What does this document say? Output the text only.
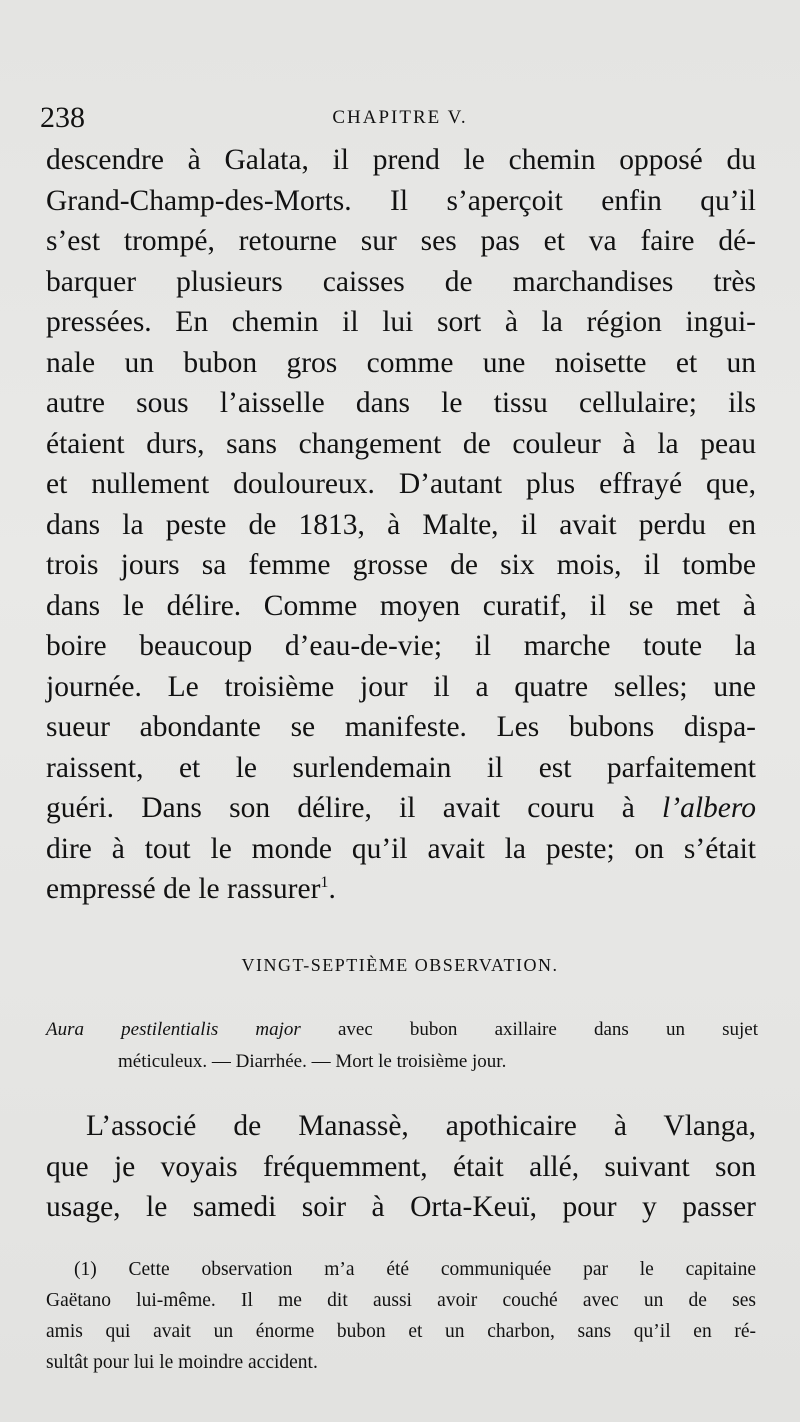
238	CHAPITRE V.
descendre à Galata, il prend le chemin opposé du
Grand-Champ-des-Morts. Il s’aperçoit enfin qu’il
s’est trompé, retourne sur ses pas et va faire dé-
barquer plusieurs caisses de marchandises très
pressées. En chemin il lui sort à la région ingui-
nale un bubon gros comme une noisette et un
autre sous l’aisselle dans le tissu cellulaire; ils
étaient durs, sans changement de couleur à la peau
et nullement douloureux. D’autant plus effrayé que,
dans la peste de 1813, à Malte, il avait perdu en
trois jours sa femme grosse de six mois, il tombe
dans le délire. Comme moyen curatif, il se met à
boire beaucoup d’eau-de-vie; il marche toute la
journée. Le troisième jour il a quatre selles; une
sueur abondante se manifeste. Les bubons dispa-
raissent, et le surlendemain il est parfaitement
guéri. Dans son délire, il avait couru à l’albero
dire à tout le monde qu’il avait la peste; on s’était
empressé de le rassurer$^1$.
VINGT-SEPTIÈME OBSERVATION.
Aura pestilentialis major avec bubon axillaire dans un sujet
méticuleux. — Diarrhée. — Mort le troisième jour.
L’associé de Manassè, apothicaire à Vlanga,
que je voyais fréquemment, était allé, suivant son
usage, le samedi soir à Orta-Keuï, pour y passer
(1) Cette observation m’a été communiquée par le capitaine
Gaëtano lui-même. Il me dit aussi avoir couché avec un de ses
amis qui avait un énorme bubon et un charbon, sans qu’il en ré-
sultât pour lui le moindre accident.
